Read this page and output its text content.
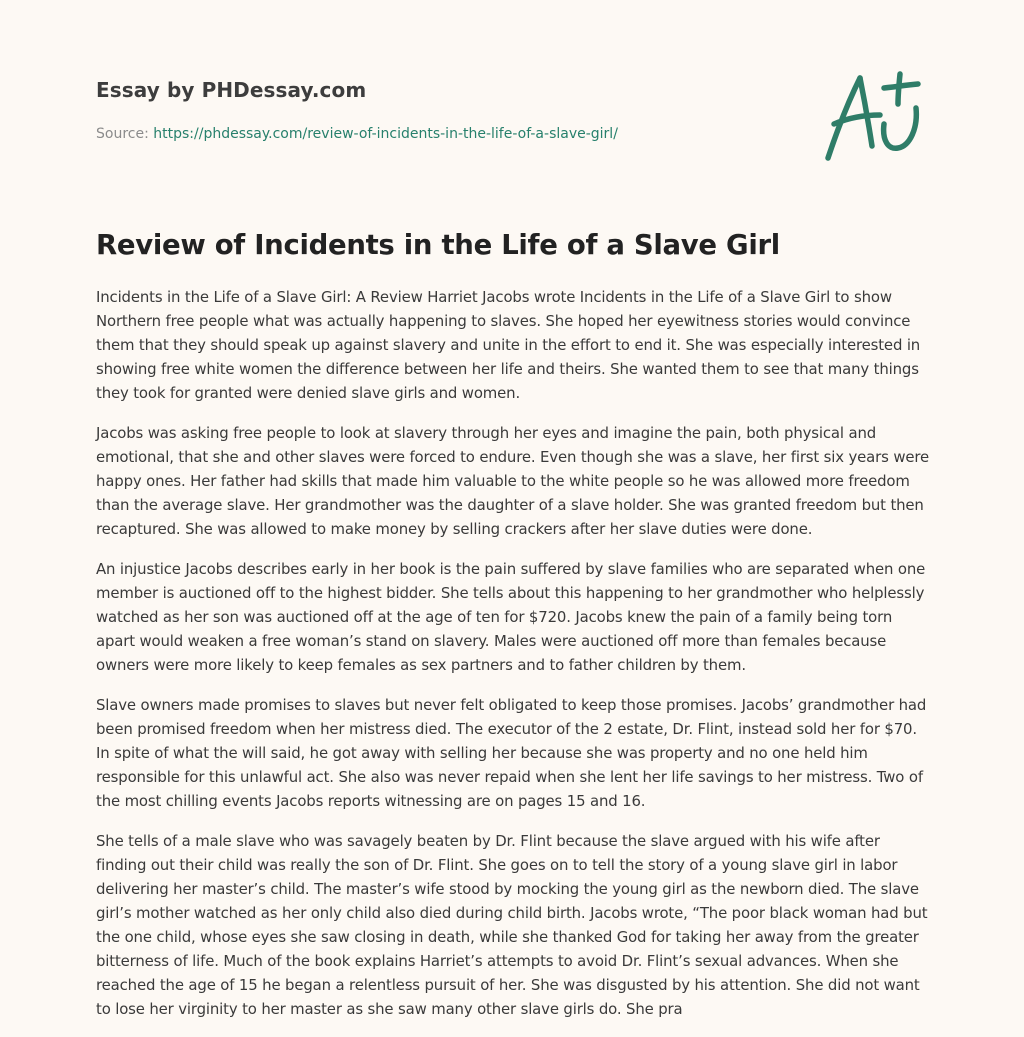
Essay by PHDessay.com
Source: https://phdessay.com/review-of-incidents-in-the-life-of-a-slave-girl/
Review of Incidents in the Life of a Slave Girl

Incidents in the Life of a Slave Girl: A Review Harriet Jacobs wrote Incidents in the Life of a Slave Girl to show Northern free people what was actually happening to slaves. She hoped her eyewitness stories would convince them that they should speak up against slavery and unite in the effort to end it. She was especially interested in showing free white women the difference between her life and theirs. She wanted them to see that many things they took for granted were denied slave girls and women.

Jacobs was asking free people to look at slavery through her eyes and imagine the pain, both physical and emotional, that she and other slaves were forced to endure. Even though she was a slave, her first six years were happy ones. Her father had skills that made him valuable to the white people so he was allowed more freedom than the average slave. Her grandmother was the daughter of a slave holder. She was granted freedom but then recaptured. She was allowed to make money by selling crackers after her slave duties were done.

An injustice Jacobs describes early in her book is the pain suffered by slave families who are separated when one member is auctioned off to the highest bidder. She tells about this happening to her grandmother who helplessly watched as her son was auctioned off at the age of ten for $720. Jacobs knew the pain of a family being torn apart would weaken a free woman’s stand on slavery. Males were auctioned off more than females because owners were more likely to keep females as sex partners and to father children by them.

Slave owners made promises to slaves but never felt obligated to keep those promises. Jacobs’ grandmother had been promised freedom when her mistress died. The executor of the 2 estate, Dr. Flint, instead sold her for $70. In spite of what the will said, he got away with selling her because she was property and no one held him responsible for this unlawful act. She also was never repaid when she lent her life savings to her mistress. Two of the most chilling events Jacobs reports witnessing are on pages 15 and 16.

She tells of a male slave who was savagely beaten by Dr. Flint because the slave argued with his wife after finding out their child was really the son of Dr. Flint. She goes on to tell the story of a young slave girl in labor delivering her master’s child. The master’s wife stood by mocking the young girl as the newborn died. The slave girl’s mother watched as her only child also died during child birth. Jacobs wrote, “The poor black woman had but the one child, whose eyes she saw closing in death, while she thanked God for taking her away from the greater bitterness of life. Much of the book explains Harriet’s attempts to avoid Dr. Flint’s sexual advances. When she reached the age of 15 he began a relentless pursuit of her. She was disgusted by his attention. She did not want to lose her virginity to her master as she saw many other slave girls do. She pra
